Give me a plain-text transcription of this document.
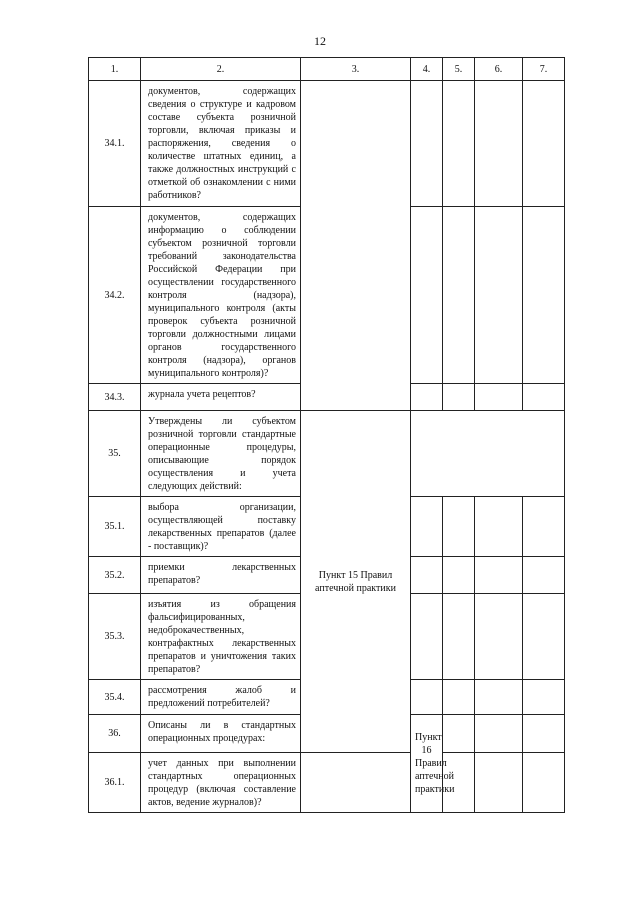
12
1.	2.	3.	4.	5.	6.	7.	
34.1.	документов, содержащих сведения о структуре и кадровом составе субъекта розничной торговли, включая приказы и распоряжения, сведения о количестве штатных единиц, а также должностных инструкций с отметкой об ознакомлении с ними работников?						
34.2.	документов, содержащих информацию о соблюдении субъектом розничной торговли требований законодательства Российской Федерации при осуществлении государственного контроля (надзора), муниципального контроля (акты проверок субъекта розничной торговли должностными лицами органов государственного контроля (надзора), органов муниципального контроля)?						
34.3.	журнала учета рецептов?						
35.	Утверждены ли субъектом розничной торговли стандартные операционные процедуры, описывающие порядок осуществления и учета следующих действий:	Пункт 15 Правил аптечной практики					
35.1.	выбора организации, осуществляющей поставку лекарственных препаратов (далее - поставщик)?						
35.2.	приемки лекарственных препаратов?						
35.3.	изъятия из обращения фальсифицированных, недоброкачественных, контрафактных лекарственных препаратов и уничтожения таких препаратов?						
35.4.	рассмотрения жалоб и предложений потребителей?						
36.	Описаны ли в стандартных операционных процедурах:		Пункт 16 Правил аптечной практики				
36.1.	учет данных при выполнении стандартных операционных процедур (включая составление актов, ведение журналов)?						
